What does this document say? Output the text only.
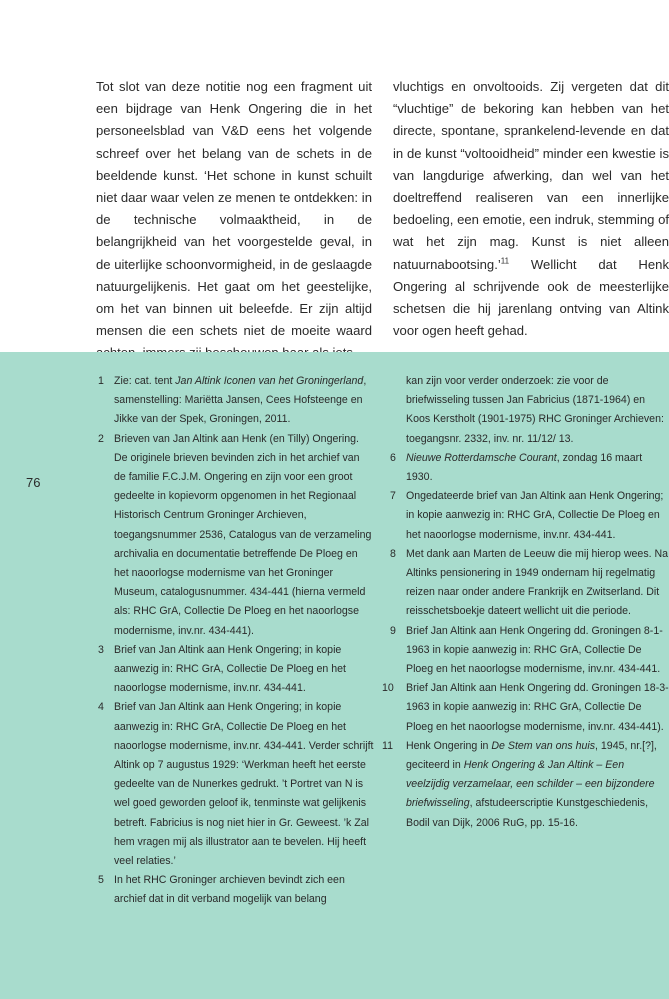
Tot slot van deze notitie nog een fragment uit een bijdrage van Henk Ongering die in het personeelsblad van V&D eens het volgende schreef over het belang van de schets in de beeldende kunst. ‘Het schone in kunst schuilt niet daar waar velen ze menen te ontdekken: in de technische volmaaktheid, in de belangrijkheid van het voorgestelde geval, in de uiterlijke schoonvormigheid, in de geslaagde natuurgelijkenis. Het gaat om het geestelijke, om het van binnen uit beleefde. Er zijn altijd mensen die een schets niet de moeite waard

vluchtigs en onvoltooids. Zij vergeten dat dit “vluchtige” de bekoring kan hebben van het directe, spontane, sprankelend-levende en dat in de kunst “voltooidheid” minder een kwestie is van langdurige afwerking, dan wel van het doeltreffend realiseren van een innerlijke bedoeling, een emotie, een indruk, stemming of wat het zijn mag. Kunst is niet alleen natuurnabootsing.’$^{11}$ Wellicht dat Henk Ongering al schrijvende ook de meesterlijke schetsen die hij jarenlang ontving van Altink voor ogen heeft gehad.

76

1 Zie: cat. tent Jan Altink Iconen van het Groningerland, samenstelling: Mariëtta Jansen, Cees Hofsteenge en Jikke van der Spek, Groningen, 2011.

2 Brieven van Jan Altink aan Henk (en Tilly) Ongering. De originele brieven bevinden zich in het archief van de familie F.C.J.M. Ongering en zijn voor een groot gedeelte in kopievorm opgenomen in het Regionaal Historisch Centrum Groninger Archieven, toegangsnummer 2536, Catalogus van de verzameling archivalia en documentatie betreffende De Ploeg en het naoorlogse modernisme van het Groninger Museum, catalogusnummer. 434-441 (hierna vermeld als: RHC GrA, Collectie De Ploeg en het naoorlogse modernisme, inv.nr. 434-441).

3 Brief van Jan Altink aan Henk Ongering; in kopie aanwezig in: RHC GrA, Collectie De Ploeg en het naoorlogse modernisme, inv.nr. 434-441.

4 Brief van Jan Altink aan Henk Ongering; in kopie aanwezig in: RHC GrA, Collectie De Ploeg en het naoorlogse modernisme, inv.nr. 434-441. Verder schrijft Altink op 7 augustus 1929: ‘Werkman heeft het eerste gedeelte van de Nunerkes gedrukt. ’t Portret van N is wel goed geworden geloof ik, tenminste wat gelijkenis betreft. Fabricius is nog niet hier in Gr. Geweest. ’k Zal hem vragen mij als illustrator aan te bevelen. Hij heeft veel relaties.’

5 In het RHC Groninger archieven bevindt zich een archief dat in dit verband mogelijk van belang

kan zijn voor verder onderzoek: zie voor de briefwisseling tussen Jan Fabricius (1871-1964) en Koos Kerstholt (1901-1975) RHC Groninger Archieven: toegangsnr. 2332, inv. nr. 11/12/ 13.

6 Nieuwe Rotterdamsche Courant, zondag 16 maart 1930.

7 Ongedateerde brief van Jan Altink aan Henk Ongering; in kopie aanwezig in: RHC GrA, Collectie De Ploeg en het naoorlogse modernisme, inv.nr. 434-441.

8 Met dank aan Marten de Leeuw die mij hierop wees. Na Altinks pensionering in 1949 ondernam hij regelmatig reizen naar onder andere Frankrijk en Zwitserland. Dit reisschetsboekje dateert wellicht uit die periode.

9 Brief Jan Altink aan Henk Ongering dd. Groningen 8-1-1963 in kopie aanwezig in: RHC GrA, Collectie De Ploeg en het naoorlogse modernisme, inv.nr. 434-441.

10 Brief Jan Altink aan Henk Ongering dd. Groningen 18-3-1963 in kopie aanwezig in: RHC GrA, Collectie De Ploeg en het naoorlogse modernisme, inv.nr. 434-441).

11 Henk Ongering in De Stem van ons huis, 1945, nr.[?], geciteerd in Henk Ongering & Jan Altink – Een veelzijdig verzamelaar, een schilder – een bijzondere briefwisseling, afstudeerscriptie Kunstgeschiedenis, Bodil van Dijk, 2006 RuG, pp. 15-16.
